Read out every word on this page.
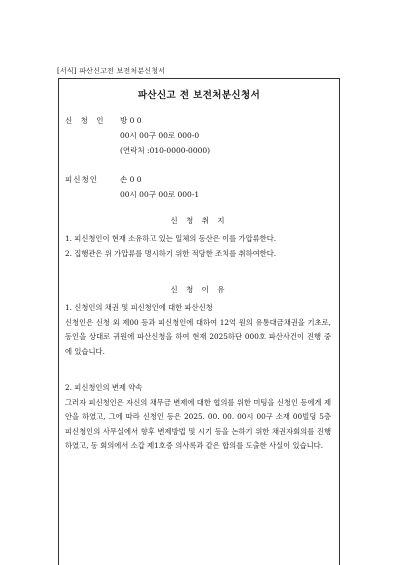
[서식] 파산신고전 보전처분신청서
파산신고 전 보전처분신청서
신 청 인 방 0 0
00시 00구 00로 000-0
(연락처 :010-0000-0000)
피신청인	손 0 0
00시 00구 00로 000-1
신 청 취 지
1. 피신청인이 현재 소유하고 있는 일체의 동산은 이를 가압류한다.
2. 집행관은 위 가압류를 명시하기 위한 적당한 조치를 취하여한다.
신 청 이 유
1. 신청인의 채권 및 피신청인에 대한 파산신청
신청인은 신청 외 제00 등과 피신청인에 대하여 12억 원의 유통대금채권을 기초로, 동인을 상대로 귀원에 파산신청을 하여 현재 2025하단 000호 파산사건이 진행 중에 있습니다.
2. 피신청인의 변제 약속
그러자 피신청인은 자신의 채무금 변제에 대한 협의를 위한 미팅을 신청인 등에게 제안을 하였고, 그에 따라 신청인 등은 2025. 00. 00. 00시 00구 소재 00빌딩 5층 피신청인의 사무실에서 향후 변제방법 및 시기 등을 논하기 위한 채권자회의를 진행하였고, 동 회의에서 소갑 제1호증 의사록과 같은 합의를 도출한 사실이 있습니다.
